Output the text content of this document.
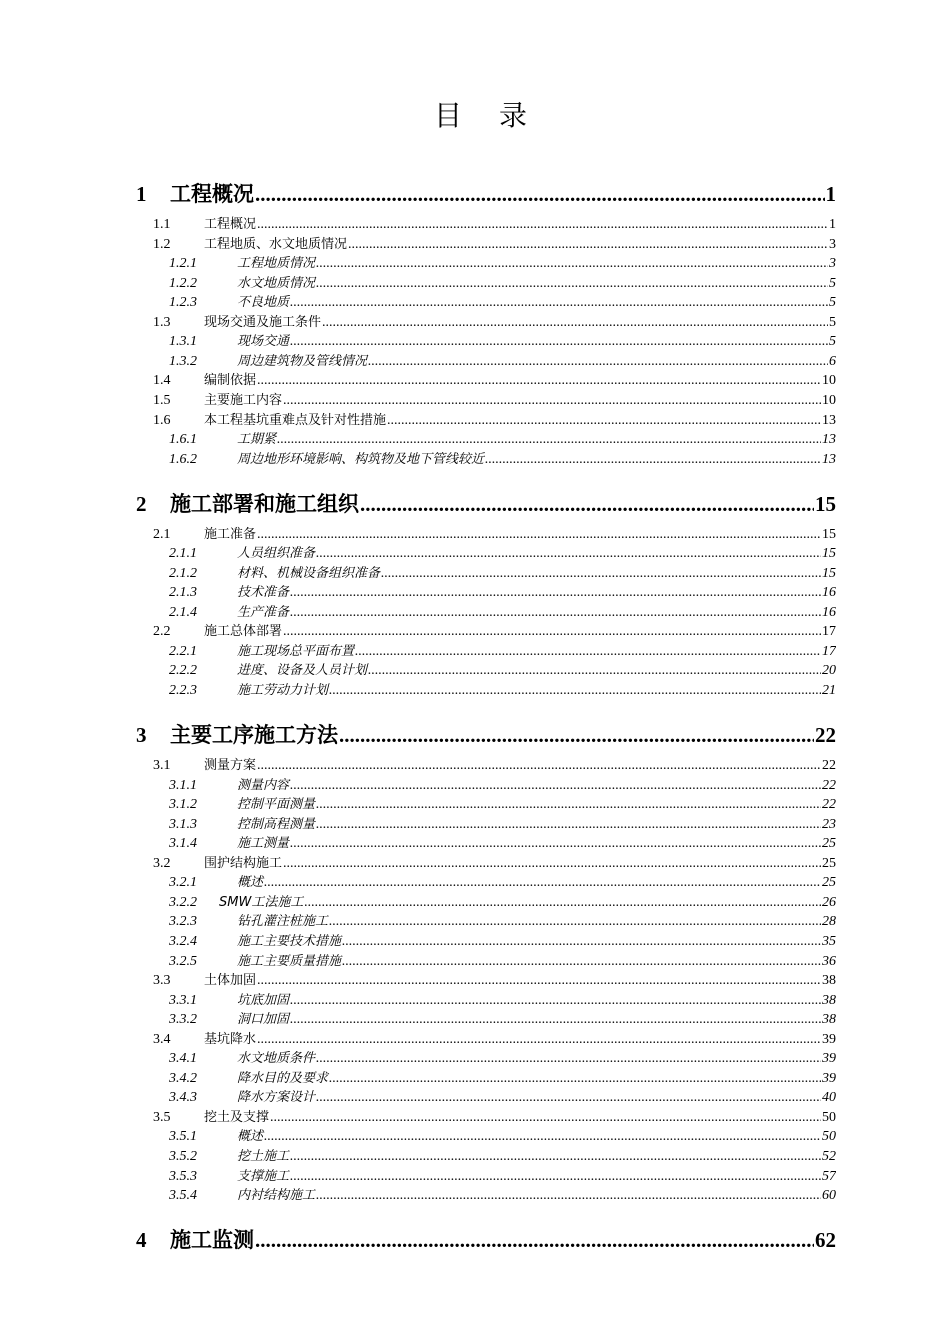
目 录
1	工程概况 .....	1
1.1	工程概况 .....	1
1.2	工程地质、水文地质情况 .....	3
1.2.1	工程地质情况 .....	3
1.2.2	水文地质情况 .....	5
1.2.3	不良地质 .....	5
1.3	现场交通及施工条件 .....	5
1.3.1	现场交通 .....	5
1.3.2	周边建筑物及管线情况 .....	6
1.4	编制依据 .....	10
1.5	主要施工内容 .....	10
1.6	本工程基坑重难点及针对性措施 .....	13
1.6.1	工期紧 .....	13
1.6.2	周边地形环境影响、构筑物及地下管线较近 .....	13
2	施工部署和施工组织 .....	15
2.1	施工准备 .....	15
2.1.1	人员组织准备 .....	15
2.1.2	材料、机械设备组织准备 .....	15
2.1.3	技术准备 .....	16
2.1.4	生产准备 .....	16
2.2	施工总体部署 .....	17
2.2.1	施工现场总平面布置 .....	17
2.2.2	进度、设备及人员计划 .....	20
2.2.3	施工劳动力计划 .....	21
3	主要工序施工方法 .....	22
3.1	测量方案 .....	22
3.1.1	测量内容 .....	22
3.1.2	控制平面测量 .....	22
3.1.3	控制高程测量 .....	23
3.1.4	施工测量 .....	25
3.2	围护结构施工 .....	25
3.2.1	概述 .....	25
3.2.2	SMW工法施工 .....	26
3.2.3	钻孔灌注桩施工 .....	28
3.2.4	施工主要技术措施 .....	35
3.2.5	施工主要质量措施 .....	36
3.3	土体加固 .....	38
3.3.1	坑底加固 .....	38
3.3.2	洞口加固 .....	38
3.4	基坑降水 .....	39
3.4.1	水文地质条件 .....	39
3.4.2	降水目的及要求 .....	39
3.4.3	降水方案设计 .....	40
3.5	挖土及支撑 .....	50
3.5.1	概述 .....	50
3.5.2	挖土施工 .....	52
3.5.3	支撑施工 .....	57
3.5.4	内衬结构施工 .....	60
4	施工监测 .....	62
